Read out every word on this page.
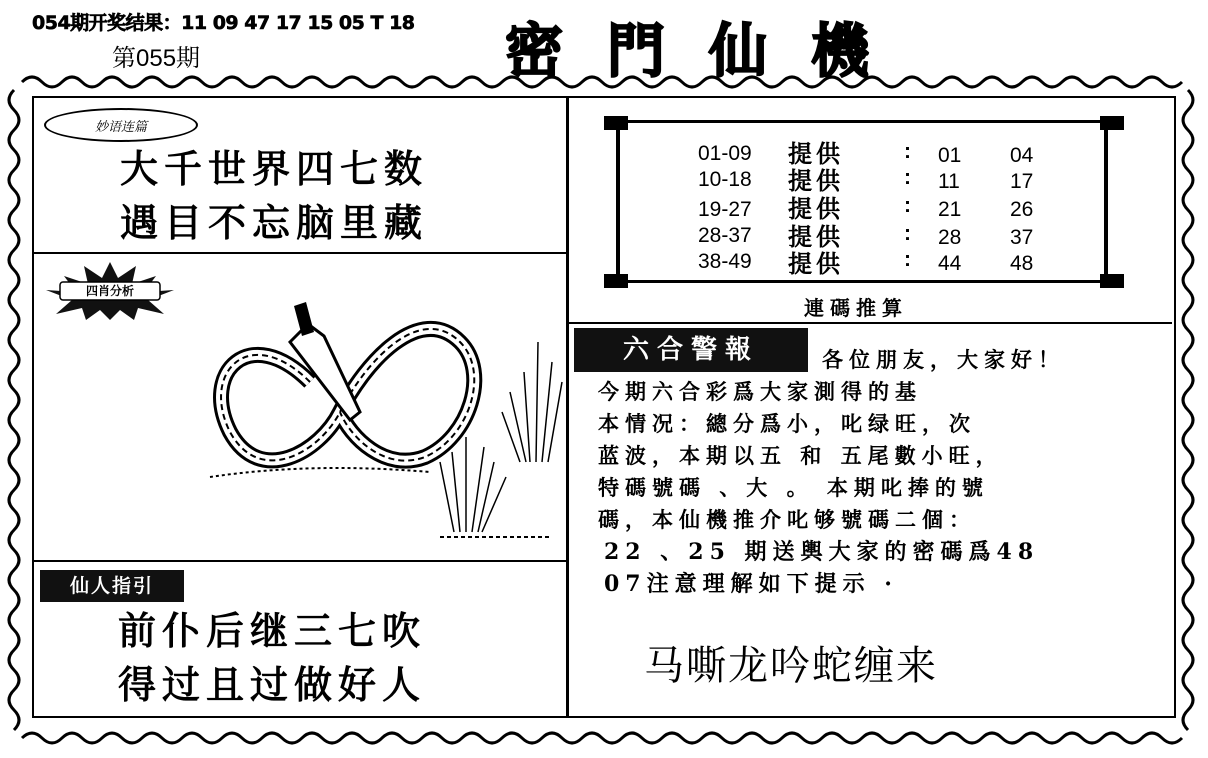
054期开奖结果：11 09 47 17 15 05 T 18
第055期	密門仙機
妙语连篇
大千世界四七数
遇目不忘脑里藏
四肖分析
仙人指引
前仆后继三七吹
得过且过做好人
01-09 提供	: 01 04
10-18 提供	: 11 17
19-27 提供	: 21 26
28-37 提供	: 28 37
38-49 提供	: 44 48
連碼推算
六合警報	各位朋友，大家好！
今期六合彩爲大家測得的基
本情况：總分爲小，叱绿旺，次
蓝波，本期以五 和 五尾數小旺，
特碼號碼 、大 。 本期叱捧的號
碼，本仙機推介叱够號碼二個：
22 、25 期送輿大家的密碼爲48
07注意理解如下提示 ·
马嘶龙吟蛇缠来
